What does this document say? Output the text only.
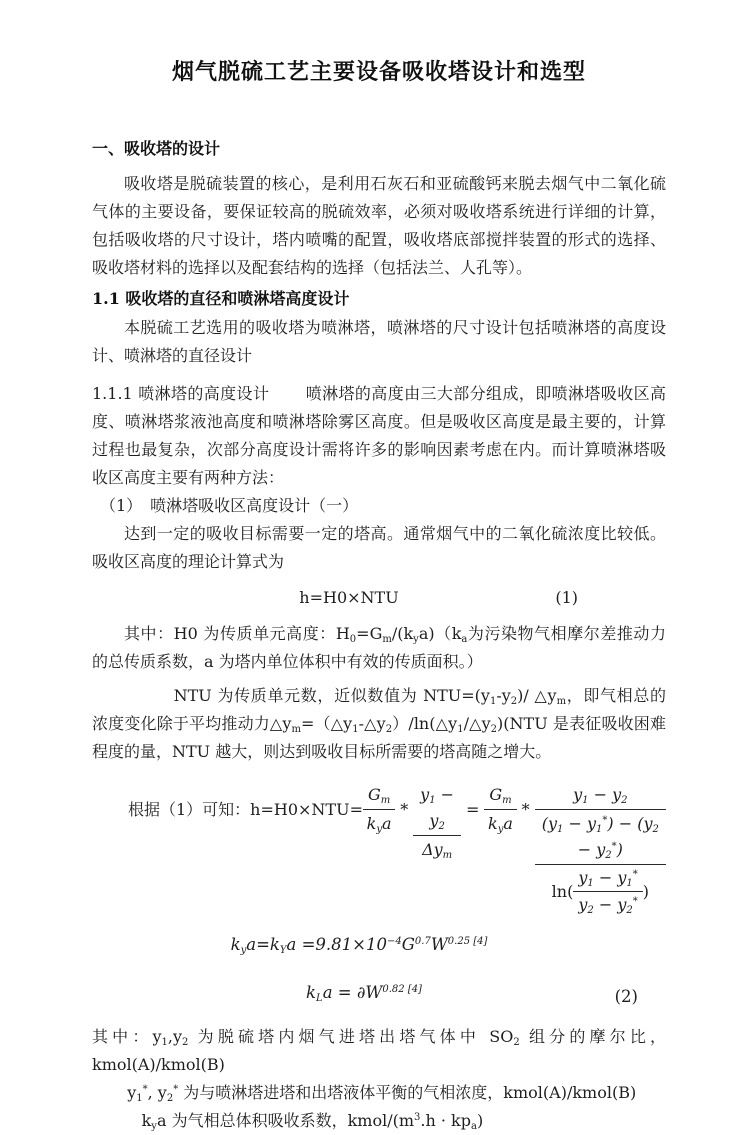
烟气脱硫工艺主要设备吸收塔设计和选型
一、吸收塔的设计

吸收塔是脱硫装置的核心，是利用石灰石和亚硫酸钙来脱去烟气中二氧化硫气体的主要设备，要保证较高的脱硫效率，必须对吸收塔系统进行详细的计算，包括吸收塔的尺寸设计，塔内喷嘴的配置，吸收塔底部搅拌装置的形式的选择、吸收塔材料的选择以及配套结构的选择（包括法兰、人孔等）。

1.1 吸收塔的直径和喷淋塔高度设计

本脱硫工艺选用的吸收塔为喷淋塔，喷淋塔的尺寸设计包括喷淋塔的高度设计、喷淋塔的直径设计

1.1.1 喷淋塔的高度设计 喷淋塔的高度由三大部分组成，即喷淋塔吸收区高度、喷淋塔浆液池高度和喷淋塔除雾区高度。但是吸收区高度是最主要的，计算过程也最复杂，次部分高度设计需将许多的影响因素考虑在内。而计算喷淋塔吸收区高度主要有两种方法：

（1）　喷淋塔吸收区高度设计（一）

达到一定的吸收目标需要一定的塔高。通常烟气中的二氧化硫浓度比较低。吸收区高度的理论计算式为

h=H0×NTU	(1)

其中：H0 为传质单元高度：$H_0=G_m/(k_ya)(k_a$为污染物气相摩尔差推动力的总传质系数，a 为塔内单位体积中有效的传质面积。）

NTU 为传质单元数，近似数值为 $NTU=(y_1-y_2)/$ $\triangle y_m$，即气相总的浓度变化除于平均推动力$\triangle y_m=(\triangle y_1-\triangle y_2)/\ln(\triangle y_1/\triangle y_2)(NTU$ 是表征吸收困难程度的量，NTU 越大，则达到吸收目标所需要的塔高随之增大。

根据（1）可知：$h=H0\times NTU= \frac{G_m}{k_ya} * \frac{y_1 - y_2}{\Delta y_m} = \frac{G_m}{k_ya}$ *
$y_1 - y_2$
$(y_1 - y_1^*) - (y_2 - y_2^*)$
$\ln( \frac{y_1 - y_1^*}{y_2 - y_2^*}$ )
$k_ya=k_Ya =9.81\times 10^{-4}G^{0.7}W^{0.25 [4]}$
$k_La = \partial W^{0.82 [4]}$	(2)

其中：$y_1,y_2$ 为脱硫塔内烟气进塔出塔气体中 $SO_2$ 组分的摩尔比，kmol(A)/kmol(B)

$y_1^*$, $y_2^*$ 为与喷淋塔进塔和出塔液体平衡的气相浓度，kmol(A)/kmol(B)

$k_ya$ 为气相总体积吸收系数，kmol/$(m^3.h \cdot kp_a)$
